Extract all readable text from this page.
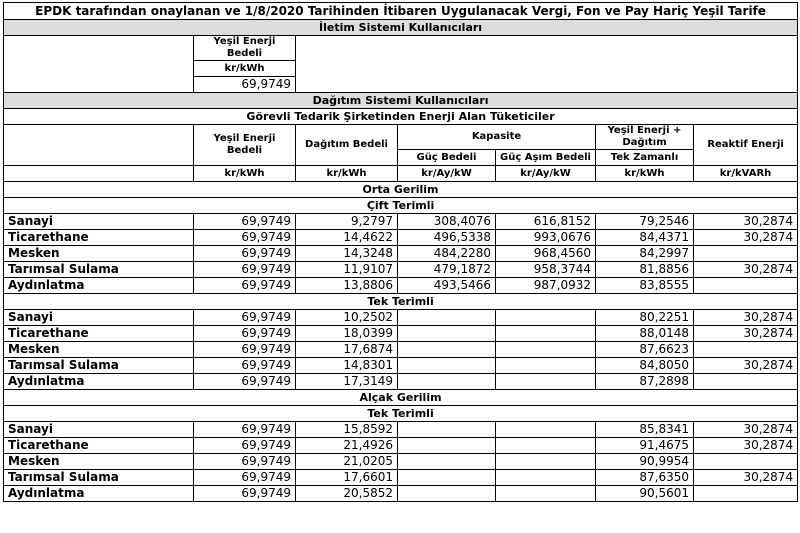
EPDK tarafından onaylanan ve 1/8/2020 Tarihinden İtibaren Uygulanacak Vergi, Fon ve Pay Hariç Yeşil Tarife						
İletim Sistemi Kullanıcıları						
	Yeşil Enerji Bedeli					
	kr/kWh					
	69,9749					
Dağıtım Sistemi Kullanıcıları						
Görevli Tedarik Şirketinden Enerji Alan Tüketiciler						
	Yeşil Enerji Bedeli	Dağıtım Bedeli	Kapasite		Yeşil Enerji + Dağıtım	Reaktif Enerji
			Güç Bedeli	Güç Aşım Bedeli	Tek Zamanlı	
	kr/kWh	kr/kWh	kr/Ay/kW	kr/Ay/kW	kr/kWh	kr/kVARh
Orta Gerilim						
Çift Terimli						
Sanayi	69,9749	9,2797	308,4076	616,8152	79,2546	30,2874
Ticarethane	69,9749	14,4622	496,5338	993,0676	84,4371	30,2874
Mesken	69,9749	14,3248	484,2280	968,4560	84,2997	
Tarımsal Sulama	69,9749	11,9107	479,1872	958,3744	81,8856	30,2874
Aydınlatma	69,9749	13,8806	493,5466	987,0932	83,8555	
Tek Terimli						
Sanayi	69,9749	10,2502			80,2251	30,2874
Ticarethane	69,9749	18,0399			88,0148	30,2874
Mesken	69,9749	17,6874			87,6623	
Tarımsal Sulama	69,9749	14,8301			84,8050	30,2874
Aydınlatma	69,9749	17,3149			87,2898	
Alçak Gerilim						
Tek Terimli						
Sanayi	69,9749	15,8592			85,8341	30,2874
Ticarethane	69,9749	21,4926			91,4675	30,2874
Mesken	69,9749	21,0205			90,9954	
Tarımsal Sulama	69,9749	17,6601			87,6350	30,2874
Aydınlatma	69,9749	20,5852			90,5601	
